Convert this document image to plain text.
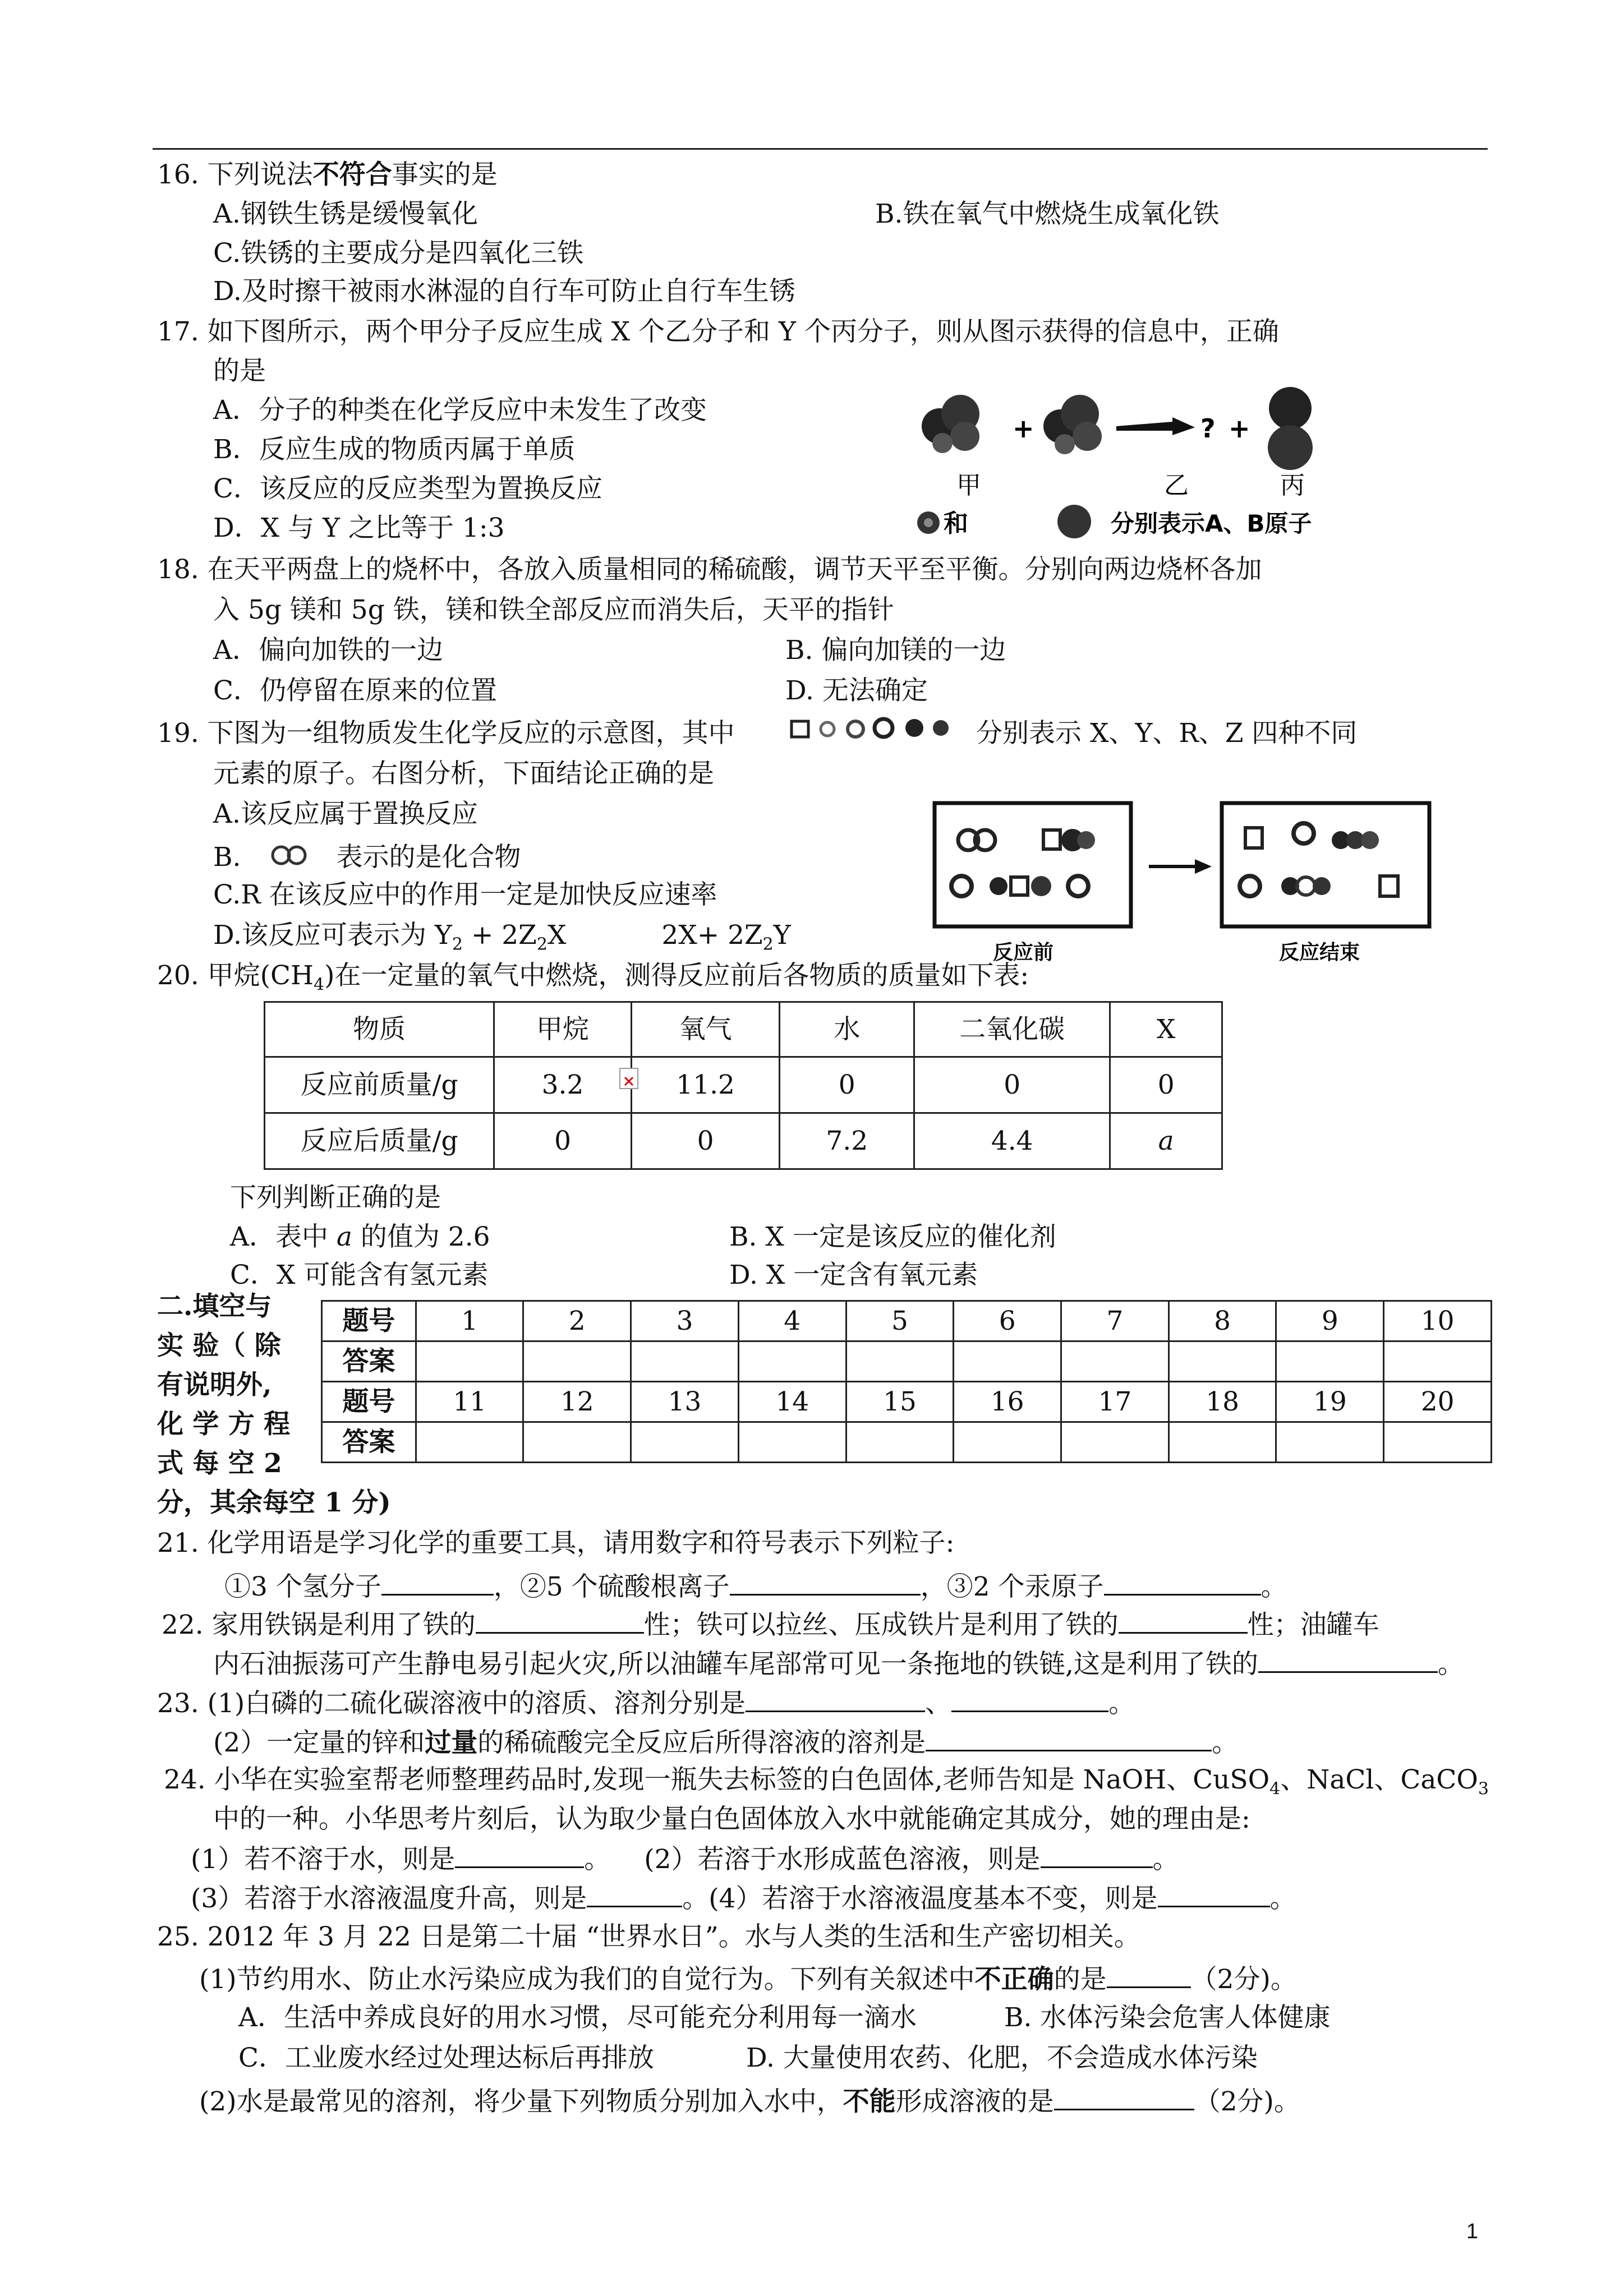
16. 下列说法不符合事实的是
A.钢铁生锈是缓慢氧化	B.铁在氧气中燃烧生成氧化铁
C.铁锈的主要成分是四氧化三铁
D.及时擦干被雨水淋湿的自行车可防止自行车生锈
17. 如下图所示，两个甲分子反应生成 X 个乙分子和 Y 个丙分子，则从图示获得的信息中，正确
的是
A．分子的种类在化学反应中未发生了改变
B．反应生成的物质丙属于单质
C．该反应的反应类型为置换反应
D．X 与 Y 之比等于 1:3
+	? +
甲	乙	丙
和	分别表示A、B原子
18. 在天平两盘上的烧杯中，各放入质量相同的稀硫酸，调节天平至平衡。分别向两边烧杯各加
入 5g 镁和 5g 铁，镁和铁全部反应而消失后，天平的指针
A．偏向加铁的一边	B. 偏向加镁的一边
C．仍停留在原来的位置	D. 无法确定
19. 下图为一组物质发生化学反应的示意图，其中	分别表示 X、Y、R、Z 四种不同
元素的原子。右图分析，下面结论正确的是
A.该反应属于置换反应
B.	表示的是化合物
C.R 在该反应中的作用一定是加快反应速率
D.该反应可表示为 $Y_2 + 2Z_2X$	$2X+ 2Z_2Y$
反应前	反应结束
20. 甲烷$(CH_4)$在一定量的氧气中燃烧，测得反应前后各物质的质量如下表:
物质	甲烷	氧气	水	二氧化碳	X
反应前质量/g	3.2	11.2	0	0	0
反应后质量/g	0	0	7.2	4.4	a
下列判断正确的是
A．表中 a 的值为 2.6	B. X 一定是该反应的催化剂
C．X 可能含有氢元素	D. X 一定含有氧元素
二.填空与
实 验（ 除
有说明外,
化 学 方 程
式 每 空 2
分，其余每空 1 分)
题号	1	2	3	4	5	6	7	8	9	10
答案										
题号	11	12	13	14	15	16	17	18	19	20
答案										
21. 化学用语是学习化学的重要工具，请用数字和符号表示下列粒子:
①3 个氢分子	，②5 个硫酸根离子	，③2 个汞原子	。
22. 家用铁锅是利用了铁的	性；铁可以拉丝、压成铁片是利用了铁的	性；油罐车
内石油振荡可产生静电易引起火灾,所以油罐车尾部常可见一条拖地的铁链,这是利用了铁的	。
23. (1)白磷的二硫化碳溶液中的溶质、溶剂分别是	、	。
(2）一定量的锌和过量的稀硫酸完全反应后所得溶液的溶剂是	。
24. 小华在实验室帮老师整理药品时,发现一瓶失去标签的白色固体,老师告知是 NaOH、CuSO$_4$、NaCl、CaCO$_3$
中的一种。小华思考片刻后，认为取少量白色固体放入水中就能确定其成分，她的理由是:
(1）若不溶于水，则是	。 (2）若溶于水形成蓝色溶液，则是	。
(3）若溶于水溶液温度升高，则是	。(4）若溶于水溶液温度基本不变，则是	。
25. 2012 年 3 月 22 日是第二十届 “世界水日”。水与人类的生活和生产密切相关。
(1)节约用水、防止水污染应成为我们的自觉行为。下列有关叙述中不正确的是	（2分)。
A．生活中养成良好的用水习惯，尽可能充分利用每一滴水	B. 水体污染会危害人体健康
C．工业废水经过处理达标后再排放	D. 大量使用农药、化肥，不会造成水体污染
(2)水是最常见的溶剂，将少量下列物质分别加入水中，不能形成溶液的是	（2分)。
1
